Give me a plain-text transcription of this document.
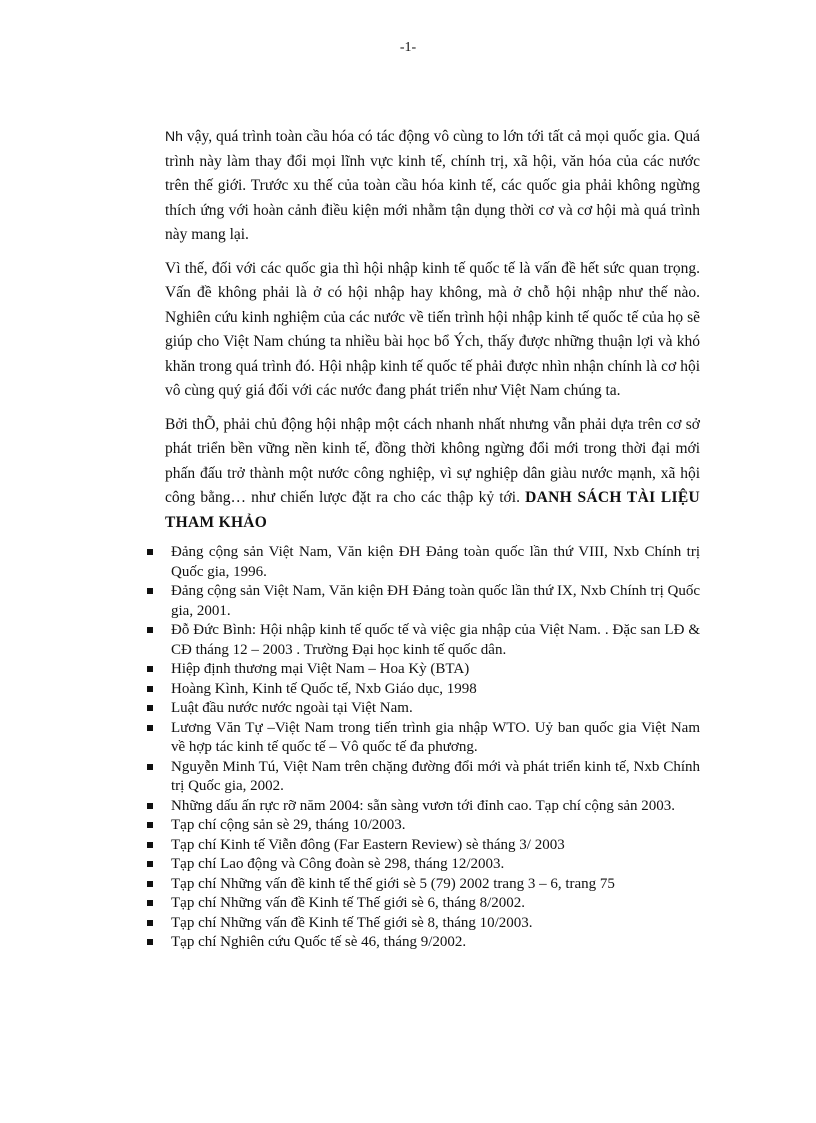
-1-

Nh vậy, quá trình toàn cầu hóa có tác động vô cùng to lớn tới tất cả mọi quốc gia. Quá trình này làm thay đổi mọi lĩnh vực kinh tế, chính trị, xã hội, văn hóa của các nước trên thế giới. Trước xu thế của toàn cầu hóa kinh tế, các quốc gia phải không ngừng thích ứng với hoàn cảnh điều kiện mới nhằm tận dụng thời cơ và cơ hội mà quá trình này mang lại.

Vì thế, đối với các quốc gia thì hội nhập kinh tế quốc tế là vấn đề hết sức quan trọng. Vấn đề không phải là ở có hội nhập hay không, mà ở chỗ hội nhập như thế nào. Nghiên cứu kinh nghiệm của các nước về tiến trình hội nhập kinh tế quốc tế của họ sẽ giúp cho Việt Nam chúng ta nhiều bài học bổ Ých, thấy được những thuận lợi và khó khăn trong quá trình đó. Hội nhập kinh tế quốc tế phải được nhìn nhận chính là cơ hội vô cùng quý giá đối với các nước đang phát triển như Việt Nam chúng ta.

Bởi thÕ, phải chủ động hội nhập một cách nhanh nhất nhưng vẫn phải dựa trên cơ sở phát triển bền vững nền kinh tế, đồng thời không ngừng đổi mới trong thời đại mới phấn đấu trở thành một nước công nghiệp, vì sự nghiệp dân giàu nước mạnh, xã hội công bằng… như chiến lược đặt ra cho các thập kỷ tới. DANH SÁCH TÀI LIỆU THAM KHẢO

Đảng cộng sản Việt Nam, Văn kiện ĐH Đảng toàn quốc lần thứ VIII, Nxb Chính trị Quốc gia, 1996.
Đảng cộng sản Việt Nam, Văn kiện ĐH Đảng toàn quốc lần thứ IX, Nxb Chính trị Quốc gia, 2001.
Đỗ Đức Bình: Hội nhập kinh tế quốc tế và việc gia nhập của Việt Nam. . Đặc san LĐ & CĐ tháng 12 – 2003 . Trường Đại học kinh tế quốc dân.
Hiệp định thương mại Việt Nam – Hoa Kỳ (BTA)
Hoàng Kình, Kinh tế Quốc tế, Nxb Giáo dục, 1998
Luật đầu nước nước ngoài tại Việt Nam.
Lương Văn Tự –Việt Nam trong tiến trình gia nhập WTO. Uỷ ban quốc gia Việt Nam về hợp tác kinh tế quốc tế – Vô quốc tế đa phương.
Nguyễn Minh Tú, Việt Nam trên chặng đường đổi mới và phát triển kinh tế, Nxb Chính trị Quốc gia, 2002.
Những dấu ấn rực rỡ năm 2004: sẵn sàng vươn tới đỉnh cao. Tạp chí cộng sản 2003.
Tạp chí cộng sản sè 29, tháng 10/2003.
Tạp chí Kinh tế Viễn đông (Far Eastern Review) sè tháng 3/ 2003
Tạp chí Lao động và Công đoàn sè 298, tháng 12/2003.
Tạp chí Những vấn đề kinh tế thế giới sè 5 (79) 2002 trang 3 – 6, trang 75
Tạp chí Những vấn đề Kinh tế Thế giới sè 6, tháng 8/2002.
Tạp chí Những vấn đề Kinh tế Thế giới sè 8, tháng 10/2003.
Tạp chí Nghiên cứu Quốc tế sè 46, tháng 9/2002.
